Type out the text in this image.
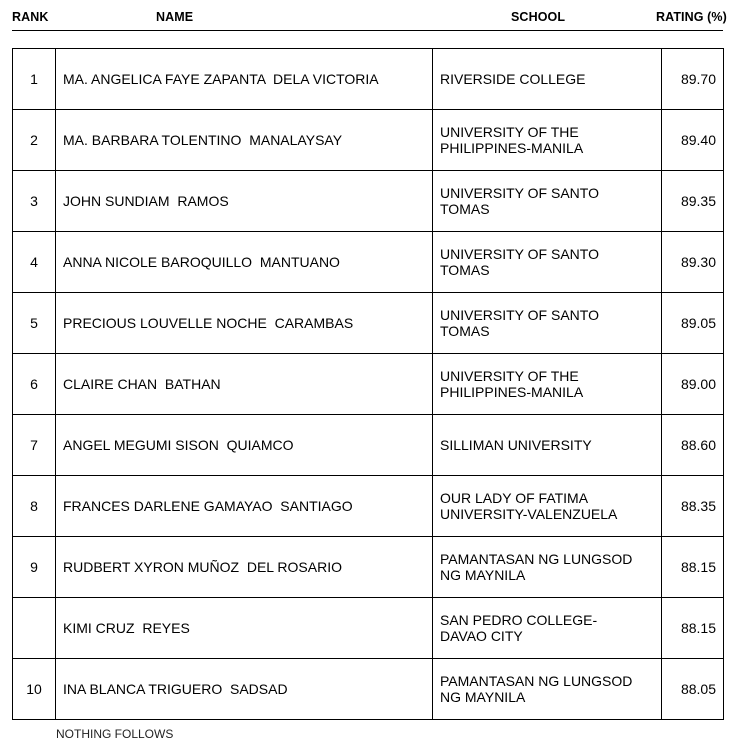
RANK	NAME	SCHOOL	RATING (%)
1	MA. ANGELICA FAYE ZAPANTA  DELA VICTORIA	RIVERSIDE COLLEGE	89.70
2	MA. BARBARA TOLENTINO  MANALAYSAY	UNIVERSITY OF THE
PHILIPPINES-MANILA	89.40
3	JOHN SUNDIAM  RAMOS	UNIVERSITY OF SANTO
TOMAS	89.35
4	ANNA NICOLE BAROQUILLO  MANTUANO	UNIVERSITY OF SANTO
TOMAS	89.30
5	PRECIOUS LOUVELLE NOCHE  CARAMBAS	UNIVERSITY OF SANTO
TOMAS	89.05
6	CLAIRE CHAN  BATHAN	UNIVERSITY OF THE
PHILIPPINES-MANILA	89.00
7	ANGEL MEGUMI SISON  QUIAMCO	SILLIMAN UNIVERSITY	88.60
8	FRANCES DARLENE GAMAYAO  SANTIAGO	OUR LADY OF FATIMA
UNIVERSITY-VALENZUELA	88.35
9	RUDBERT XYRON MUÑOZ  DEL ROSARIO	PAMANTASAN NG LUNGSOD
NG MAYNILA	88.15
	KIMI CRUZ  REYES	SAN PEDRO COLLEGE-
DAVAO CITY	88.15
10	INA BLANCA TRIGUERO  SADSAD	PAMANTASAN NG LUNGSOD
NG MAYNILA	88.05
NOTHING FOLLOWS
